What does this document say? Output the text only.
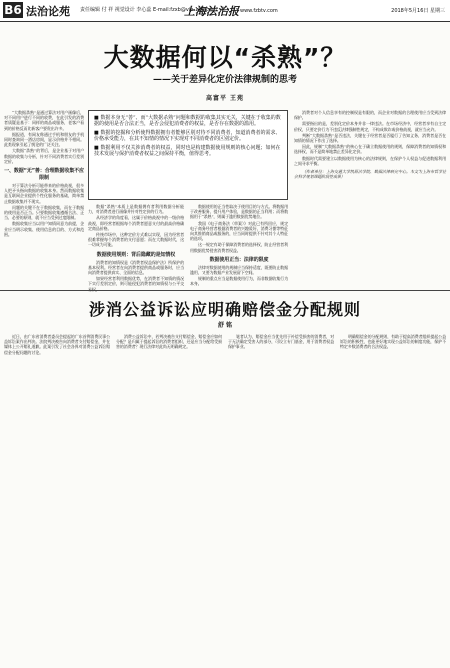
B6 法治论苑 责任编辑 付 祥 视觉设计 李心蕊 E-mail:fzxb@vip.126.com
上海法治报 www.fzbtv.com	2018年5月16日 星期三
大数据何以“杀熟”？
——关于差异化定价法律规制的思考
高富平 王苑

■ 数据本身无“善”、而“大数据杀熟”问题和数据的收集其实无关，关键在于收集的数据的使用是否合法正当，是否会侵犯消费者的权益，是否存在数据的滥用。

■ 数据的挖掘和分析使得数据拥有者能够区别对待不同消费者，知道消费者的需求、价格承受能力，在其不知情的情况下实现对不同消费者的区别定价。

■ 数据利用不仅关涉消费者的权益，同时也是构建数据使用规则的核心问题；如何在技术发展与保护消费者权益之间保持平衡，值得思考。

“大数据杀熟”是通过算法对用户画像后，对不同用户进行不同的收费，在此引发的消费者质疑是基于：同样的商品或服务，老客户看到的价格反而比新客户要贵出许多。

据报道，有网友称通过手机和朋友的手机同时查询同一酒店房间，显示价格并不相同。此类现象引起了舆论的广泛关注。

大数据“杀熟”的背后，是企业基于对用户数据的收集与分析，针对不同消费者实行差别定价。

一、数据“无”善：合理数据收集不应限制

对于算法分析可能带来的价格歧视，很多人把矛头指向数据的收集本身。然而数据收集是互联网企业提供个性化服务的基础，简单禁止数据收集并不现实。

问题的关键不在于数据收集，而在于数据的使用是否正当。只要数据收集遵循合法、正当、必要的原则，就不应当受到过度限制。

数据收集应当以用户知情同意为前提，企业应当明示收集、使用信息的目的、方式和范围。

数据“杀熟”本质上是数据拥有者利用数据分析能力，对消费者进行画像并针对性定价的行为。

从经济学的角度看，这属于价格歧视中的一级价格歧视，即经营者根据每个消费者愿意支付的最高价格确定商品价格。

传统市场中，这种定价方式难以实现，因为经营者很难掌握每个消费者的支付意愿；而在大数据时代，这一切成为可能。

数据使用规则：背后隐藏的是知情权

消费者的知情权是《消费者权益保护法》所保护的基本权利。经营者在向消费者提供商品或服务时，应当向消费者提供真实、全面的信息。

如果经营者利用数据优势，在消费者不知情的情况下实行差别定价，则可能侵犯消费者的知情权与公平交

数据使用的正当性取决于使用目的与方式。将数据用于改善服务、提升用户体验，是数据的正当利用；而将数据用于“杀熟”，则属于滥用数据优势地位。

我国《电子商务法（草案）》对此已有所回应，规定电子商务经营者根据消费者的兴趣爱好、消费习惯等特征向其推销商品或服务的，应当同时提供不针对其个人特征的选项。

这一规定有助于保障消费者的选择权，防止经营者利用数据优势侵害消费者权益。

数据使用正当：法律的限度

法律对数据使用的规制应当保持适度，既要防止数据滥用，又要为数据产业发展留下空间。

规制的重点应当是数据使用行为，而非数据收集行为本身。

消费者对个人信息享有的控制权是有限的，而企业对数据的合理使用应当受到法律保护。

需要指出的是，差别化定价本身并非一律违法。在市场经济中，经营者享有自主定价权，只要定价行为不违反法律强制性规定，不构成欺诈或价格歧视，就应当允许。

判断“大数据杀熟”是否违法，关键在于经营者是否履行了告知义务，消费者是否在知情的情况下作出了选择。

因此，规制“大数据杀熟”的核心在于确立数据使用的规则，保障消费者的知情权和选择权，而不是简单地禁止差异化定价。

数据时代需要建立以数据使用为核心的法律规则，在保护个人权益与促进数据利用之间寻求平衡。

（作者单位：上海交通大学凯原法学院、数据法律研究中心。本文为上海市哲学社会科学规划课题阶段性成果）

涉消公益诉讼应明确赔偿金分配规则
舒 铭

近日，由广东省消费者委员会提起的广东首例消费民事公益诉讼案作出判决。法院判决被告向消费者支付赔偿金，并在媒体上公开赔礼道歉。此案引发了社会各界对消费公益诉讼赔偿金分配问题的讨论。

消费公益诉讼中，若判决被告支付赔偿金，赔偿金应如何分配？是归属于提起诉讼的消费者组织，还是应当分配给受损害的消费者？现行法律对此尚无明确规定。

笔者认为，赔偿金应当优先用于补偿受损害的消费者，对于无法确定受害人的部分，可设立专门基金，用于消费者权益保护事业。

明确赔偿金的分配规则，有助于提高消费者组织提起公益诉讼的积极性，也能更好地实现公益诉讼的制度功能，保护不特定多数消费者的合法权益。
